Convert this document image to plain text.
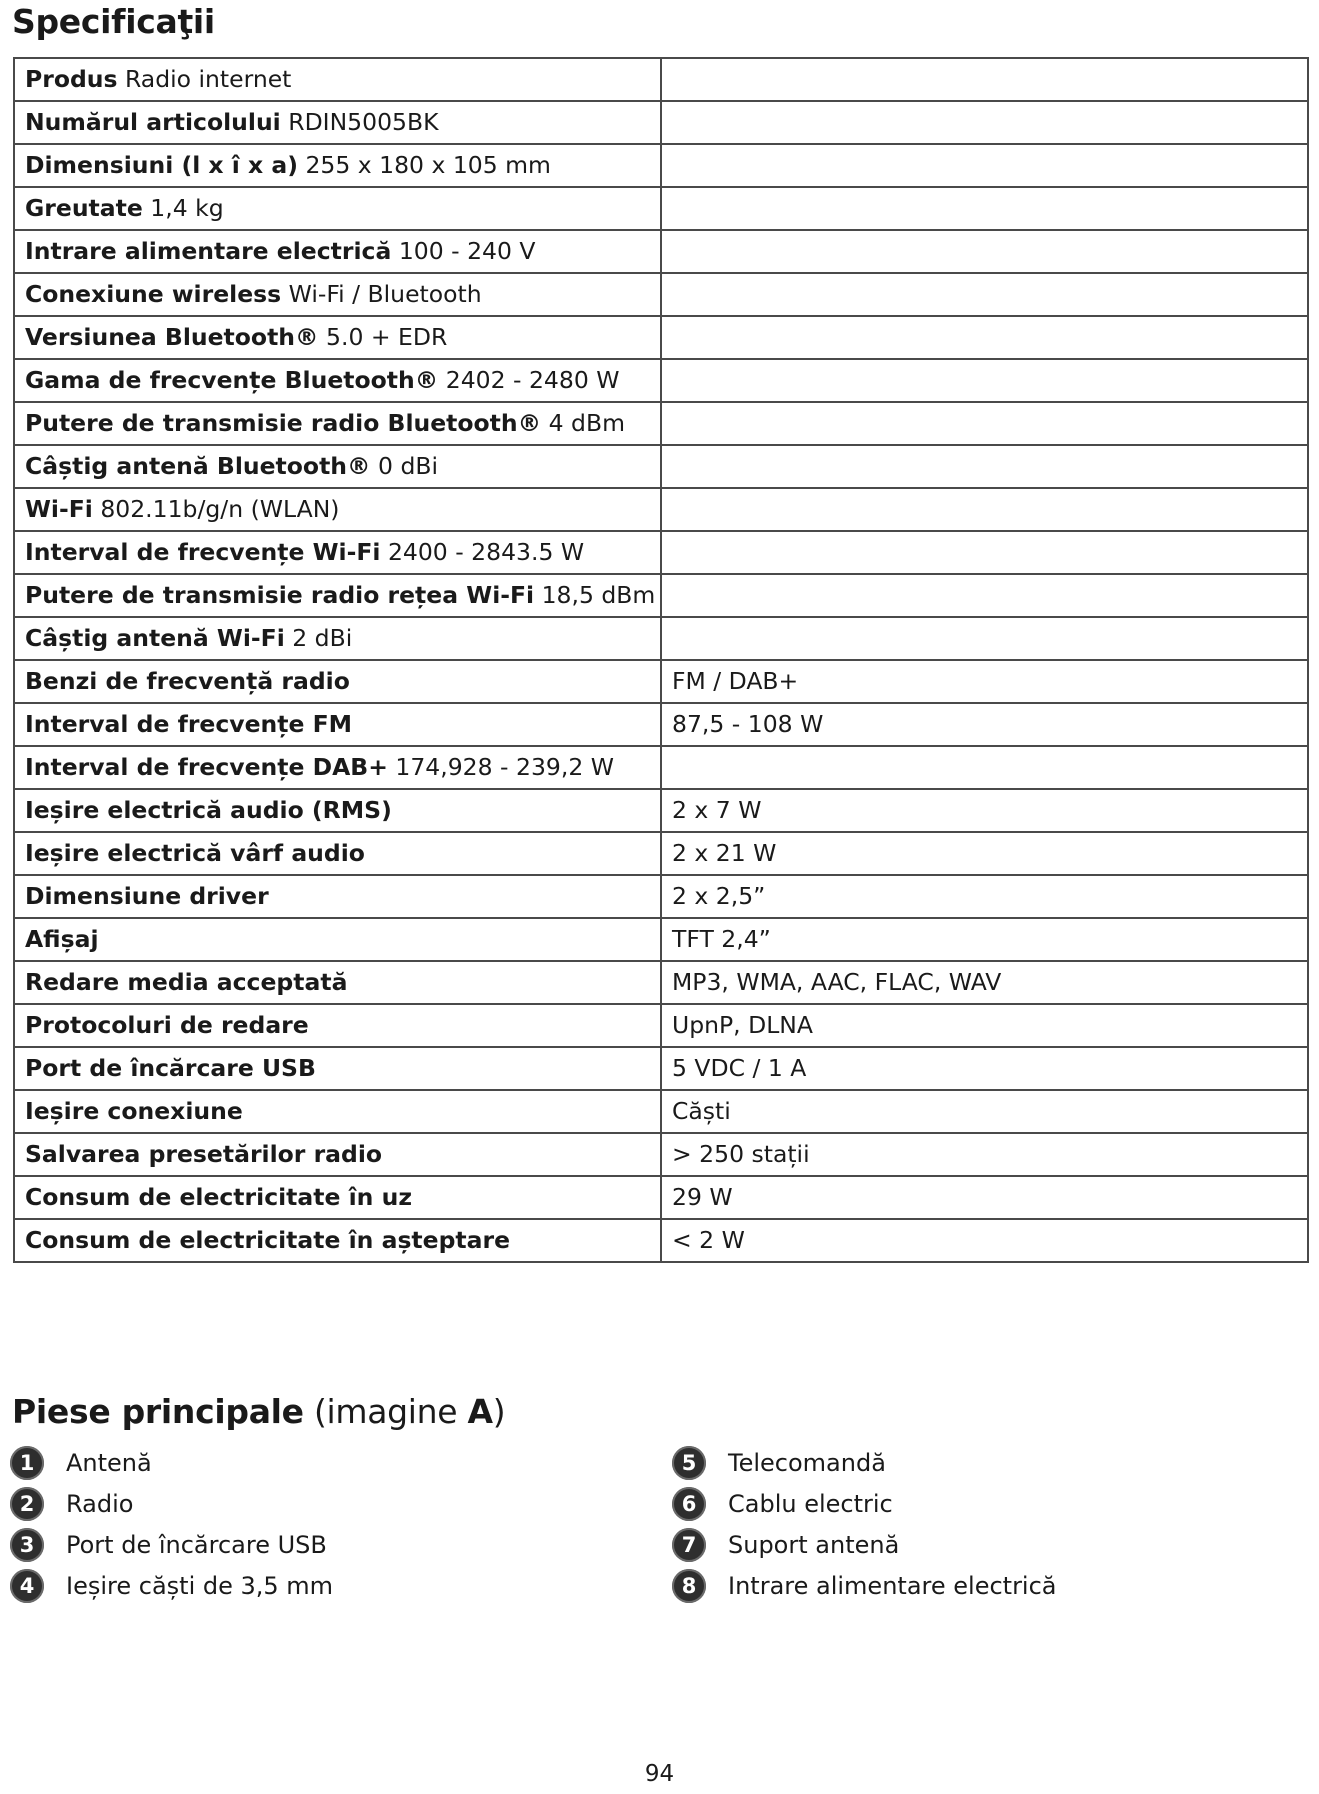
Specificaţii
Produs Radio internet	
Numărul articolului RDIN5005BK	
Dimensiuni (l x î x a) 255 x 180 x 105 mm	
Greutate 1,4 kg	
Intrare alimentare electrică 100 - 240 V	
Conexiune wireless Wi-Fi / Bluetooth	
Versiunea Bluetooth® 5.0 + EDR	
Gama de frecvențe Bluetooth® 2402 - 2480 W	
Putere de transmisie radio Bluetooth® 4 dBm	
Câștig antenă Bluetooth® 0 dBi	
Wi-Fi 802.11b/g/n (WLAN)	
Interval de frecvențe Wi-Fi 2400 - 2843.5 W	
Putere de transmisie radio rețea Wi-Fi 18,5 dBm	
Câștig antenă Wi-Fi 2 dBi	
Benzi de frecvență radio	FM / DAB+
Interval de frecvențe FM	87,5 - 108 W
Interval de frecvențe DAB+ 174,928 - 239,2 W	
Ieșire electrică audio (RMS)	2 x 7 W
Ieșire electrică vârf audio	2 x 21 W
Dimensiune driver	2 x 2,5”
Afișaj	TFT 2,4”
Redare media acceptată	MP3, WMA, AAC, FLAC, WAV
Protocoluri de redare	UpnP, DLNA
Port de încărcare USB	5 VDC / 1 A
Ieșire conexiune	Căști
Salvarea presetărilor radio	> 250 stații
Consum de electricitate în uz	29 W
Consum de electricitate în așteptare	< 2 W
Piese principale (imagine A)
1	Antenă
2	Radio
3	Port de încărcare USB
4	Ieșire căști de 3,5 mm
5	Telecomandă
6	Cablu electric
7	Suport antenă
8	Intrare alimentare electrică
94
